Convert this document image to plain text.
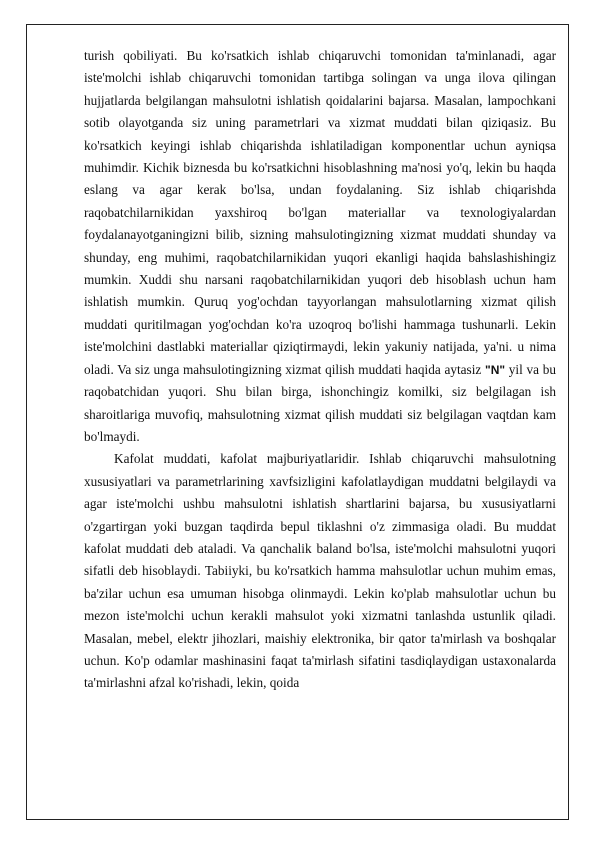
turish qobiliyati. Bu ko'rsatkich ishlab chiqaruvchi tomonidan ta'minlanadi, agar iste'molchi ishlab chiqaruvchi tomonidan tartibga solingan va unga ilova qilingan hujjatlarda belgilangan mahsulotni ishlatish qoidalarini bajarsa. Masalan, lampochkani sotib olayotganda siz uning parametrlari va xizmat muddati bilan qiziqasiz. Bu ko'rsatkich keyingi ishlab chiqarishda ishlatiladigan komponentlar uchun ayniqsa muhimdir. Kichik biznesda bu ko'rsatkichni hisoblashning ma'nosi yo'q, lekin bu haqda eslang va agar kerak bo'lsa, undan foydalaning. Siz ishlab chiqarishda raqobatchilarnikidan yaxshiroq bo'lgan materiallar va texnologiyalardan foydalanayotganingizni bilib, sizning mahsulotingizning xizmat muddati shunday va shunday, eng muhimi, raqobatchilarnikidan yuqori ekanligi haqida bahslashishingiz mumkin. Xuddi shu narsani raqobatchilarnikidan yuqori deb hisoblash uchun ham ishlatish mumkin. Quruq yog'ochdan tayyorlangan mahsulotlarning xizmat qilish muddati quritilmagan yog'ochdan ko'ra uzoqroq bo'lishi hammaga tushunarli. Lekin iste'molchini dastlabki materiallar qiziqtirmaydi, lekin yakuniy natijada, ya'ni. u nima oladi. Va siz unga mahsulotingizning xizmat qilish muddati haqida aytasiz "N" yil va bu raqobatchidan yuqori. Shu bilan birga, ishonchingiz komilki, siz belgilagan ish sharoitlariga muvofiq, mahsulotning xizmat qilish muddati siz belgilagan vaqtdan kam bo'lmaydi.

Kafolat muddati, kafolat majburiyatlaridir. Ishlab chiqaruvchi mahsulotning xususiyatlari va parametrlarining xavfsizligini kafolatlaydigan muddatni belgilaydi va agar iste'molchi ushbu mahsulotni ishlatish shartlarini bajarsa, bu xususiyatlarni o'zgartirgan yoki buzgan taqdirda bepul tiklashni o'z zimmasiga oladi. Bu muddat kafolat muddati deb ataladi. Va qanchalik baland bo'lsa, iste'molchi mahsulotni yuqori sifatli deb hisoblaydi. Tabiiyki, bu ko'rsatkich hamma mahsulotlar uchun muhim emas, ba'zilar uchun esa umuman hisobga olinmaydi. Lekin ko'plab mahsulotlar uchun bu mezon iste'molchi uchun kerakli mahsulot yoki xizmatni tanlashda ustunlik qiladi. Masalan, mebel, elektr jihozlari, maishiy elektronika, bir qator ta'mirlash va boshqalar uchun. Ko'p odamlar mashinasini faqat ta'mirlash sifatini tasdiqlaydigan ustaxonalarda ta'mirlashni afzal ko'rishadi, lekin, qoida
